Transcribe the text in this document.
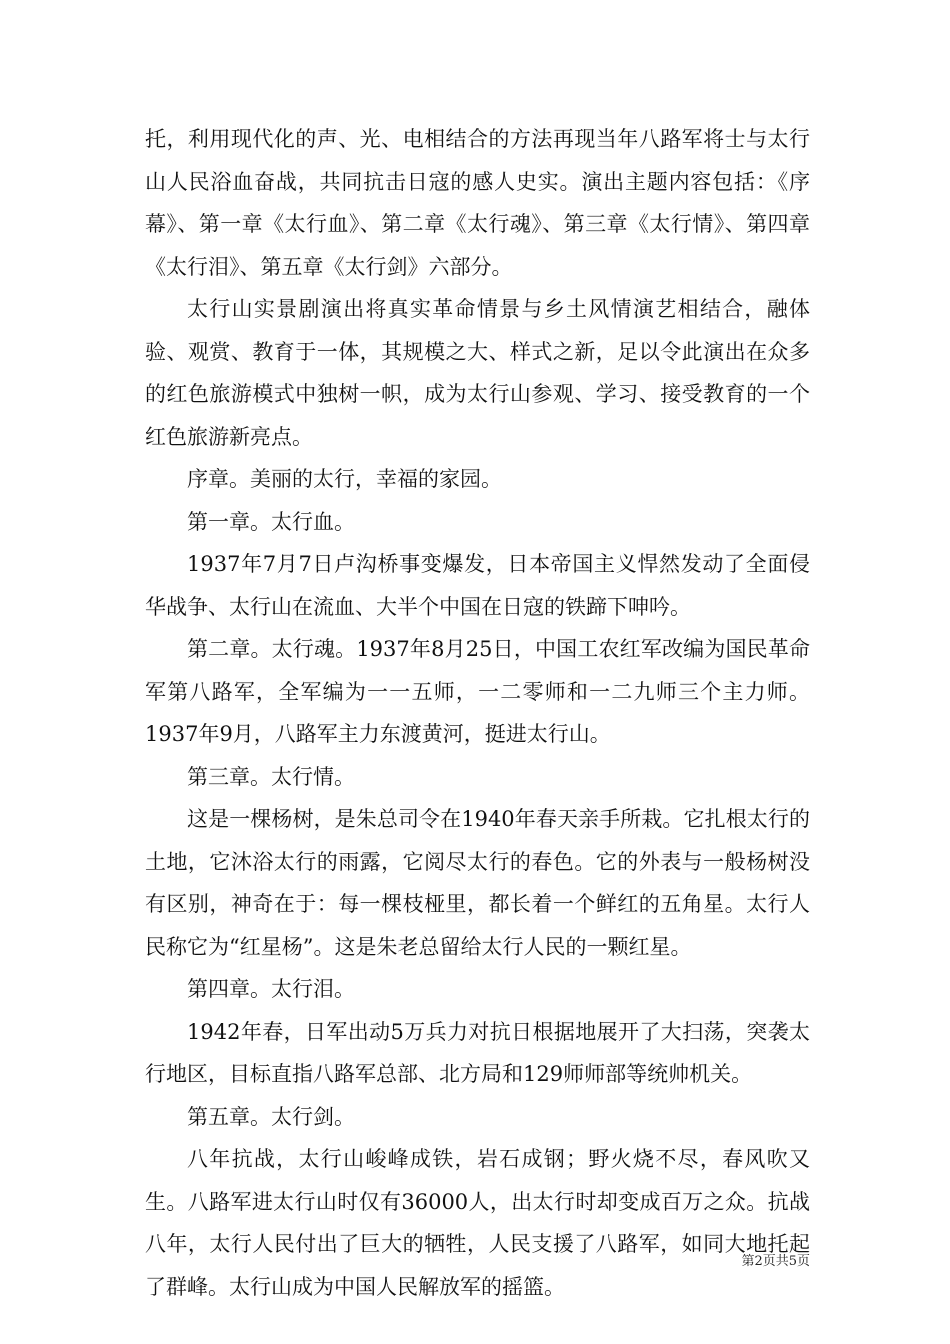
托，利用现代化的声、光、电相结合的方法再现当年八路军将士与太行山人民浴血奋战，共同抗击日寇的感人史实。演出主题内容包括：《序幕》、第一章《太行血》、第二章《太行魂》、第三章《太行情》、第四章《太行泪》、第五章《太行剑》六部分。

太行山实景剧演出将真实革命情景与乡土风情演艺相结合，融体验、观赏、教育于一体，其规模之大、样式之新，足以令此演出在众多的红色旅游模式中独树一帜，成为太行山参观、学习、接受教育的一个红色旅游新亮点。

序章。美丽的太行，幸福的家园。

第一章。太行血。

1937年7月7日卢沟桥事变爆发，日本帝国主义悍然发动了全面侵华战争、太行山在流血、大半个中国在日寇的铁蹄下呻吟。

第二章。太行魂。1937年8月25日，中国工农红军改编为国民革命军第八路军，全军编为一一五师，一二零师和一二九师三个主力师。1937年9月，八路军主力东渡黄河，挺进太行山。

第三章。太行情。

这是一棵杨树，是朱总司令在1940年春天亲手所栽。它扎根太行的土地，它沐浴太行的雨露，它阅尽太行的春色。它的外表与一般杨树没有区别，神奇在于：每一棵枝桠里，都长着一个鲜红的五角星。太行人民称它为“红星杨”。这是朱老总留给太行人民的一颗红星。

第四章。太行泪。

1942年春，日军出动5万兵力对抗日根据地展开了大扫荡，突袭太行地区，目标直指八路军总部、北方局和129师师部等统帅机关。

第五章。太行剑。

八年抗战，太行山峻峰成铁，岩石成钢；野火烧不尽，春风吹又生。八路军进太行山时仅有36000人，出太行时却变成百万之众。抗战八年，太行人民付出了巨大的牺牲，人民支援了八路军，如同大地托起了群峰。太行山成为中国人民解放军的摇篮。

第2页共5页
